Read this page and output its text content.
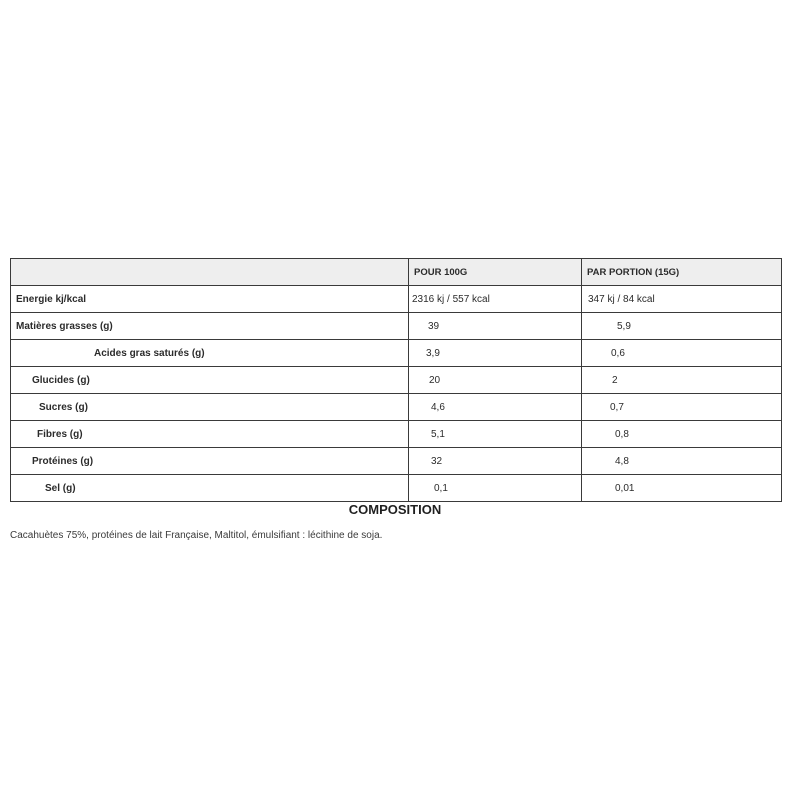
	POUR 100G	PAR PORTION (15G)
Energie kj/kcal	2316 kj / 557 kcal	347 kj / 84 kcal
Matières grasses (g)	39	5,9
Acides gras saturés (g)	3,9	0,6
Glucides (g)	20	2
Sucres (g)	4,6	0,7
Fibres (g)	5,1	0,8
Protéines (g)	32	4,8
Sel (g)	0,1	0,01
COMPOSITION
Cacahuètes 75%, protéines de lait Française, Maltitol, émulsifiant : lécithine de soja.
